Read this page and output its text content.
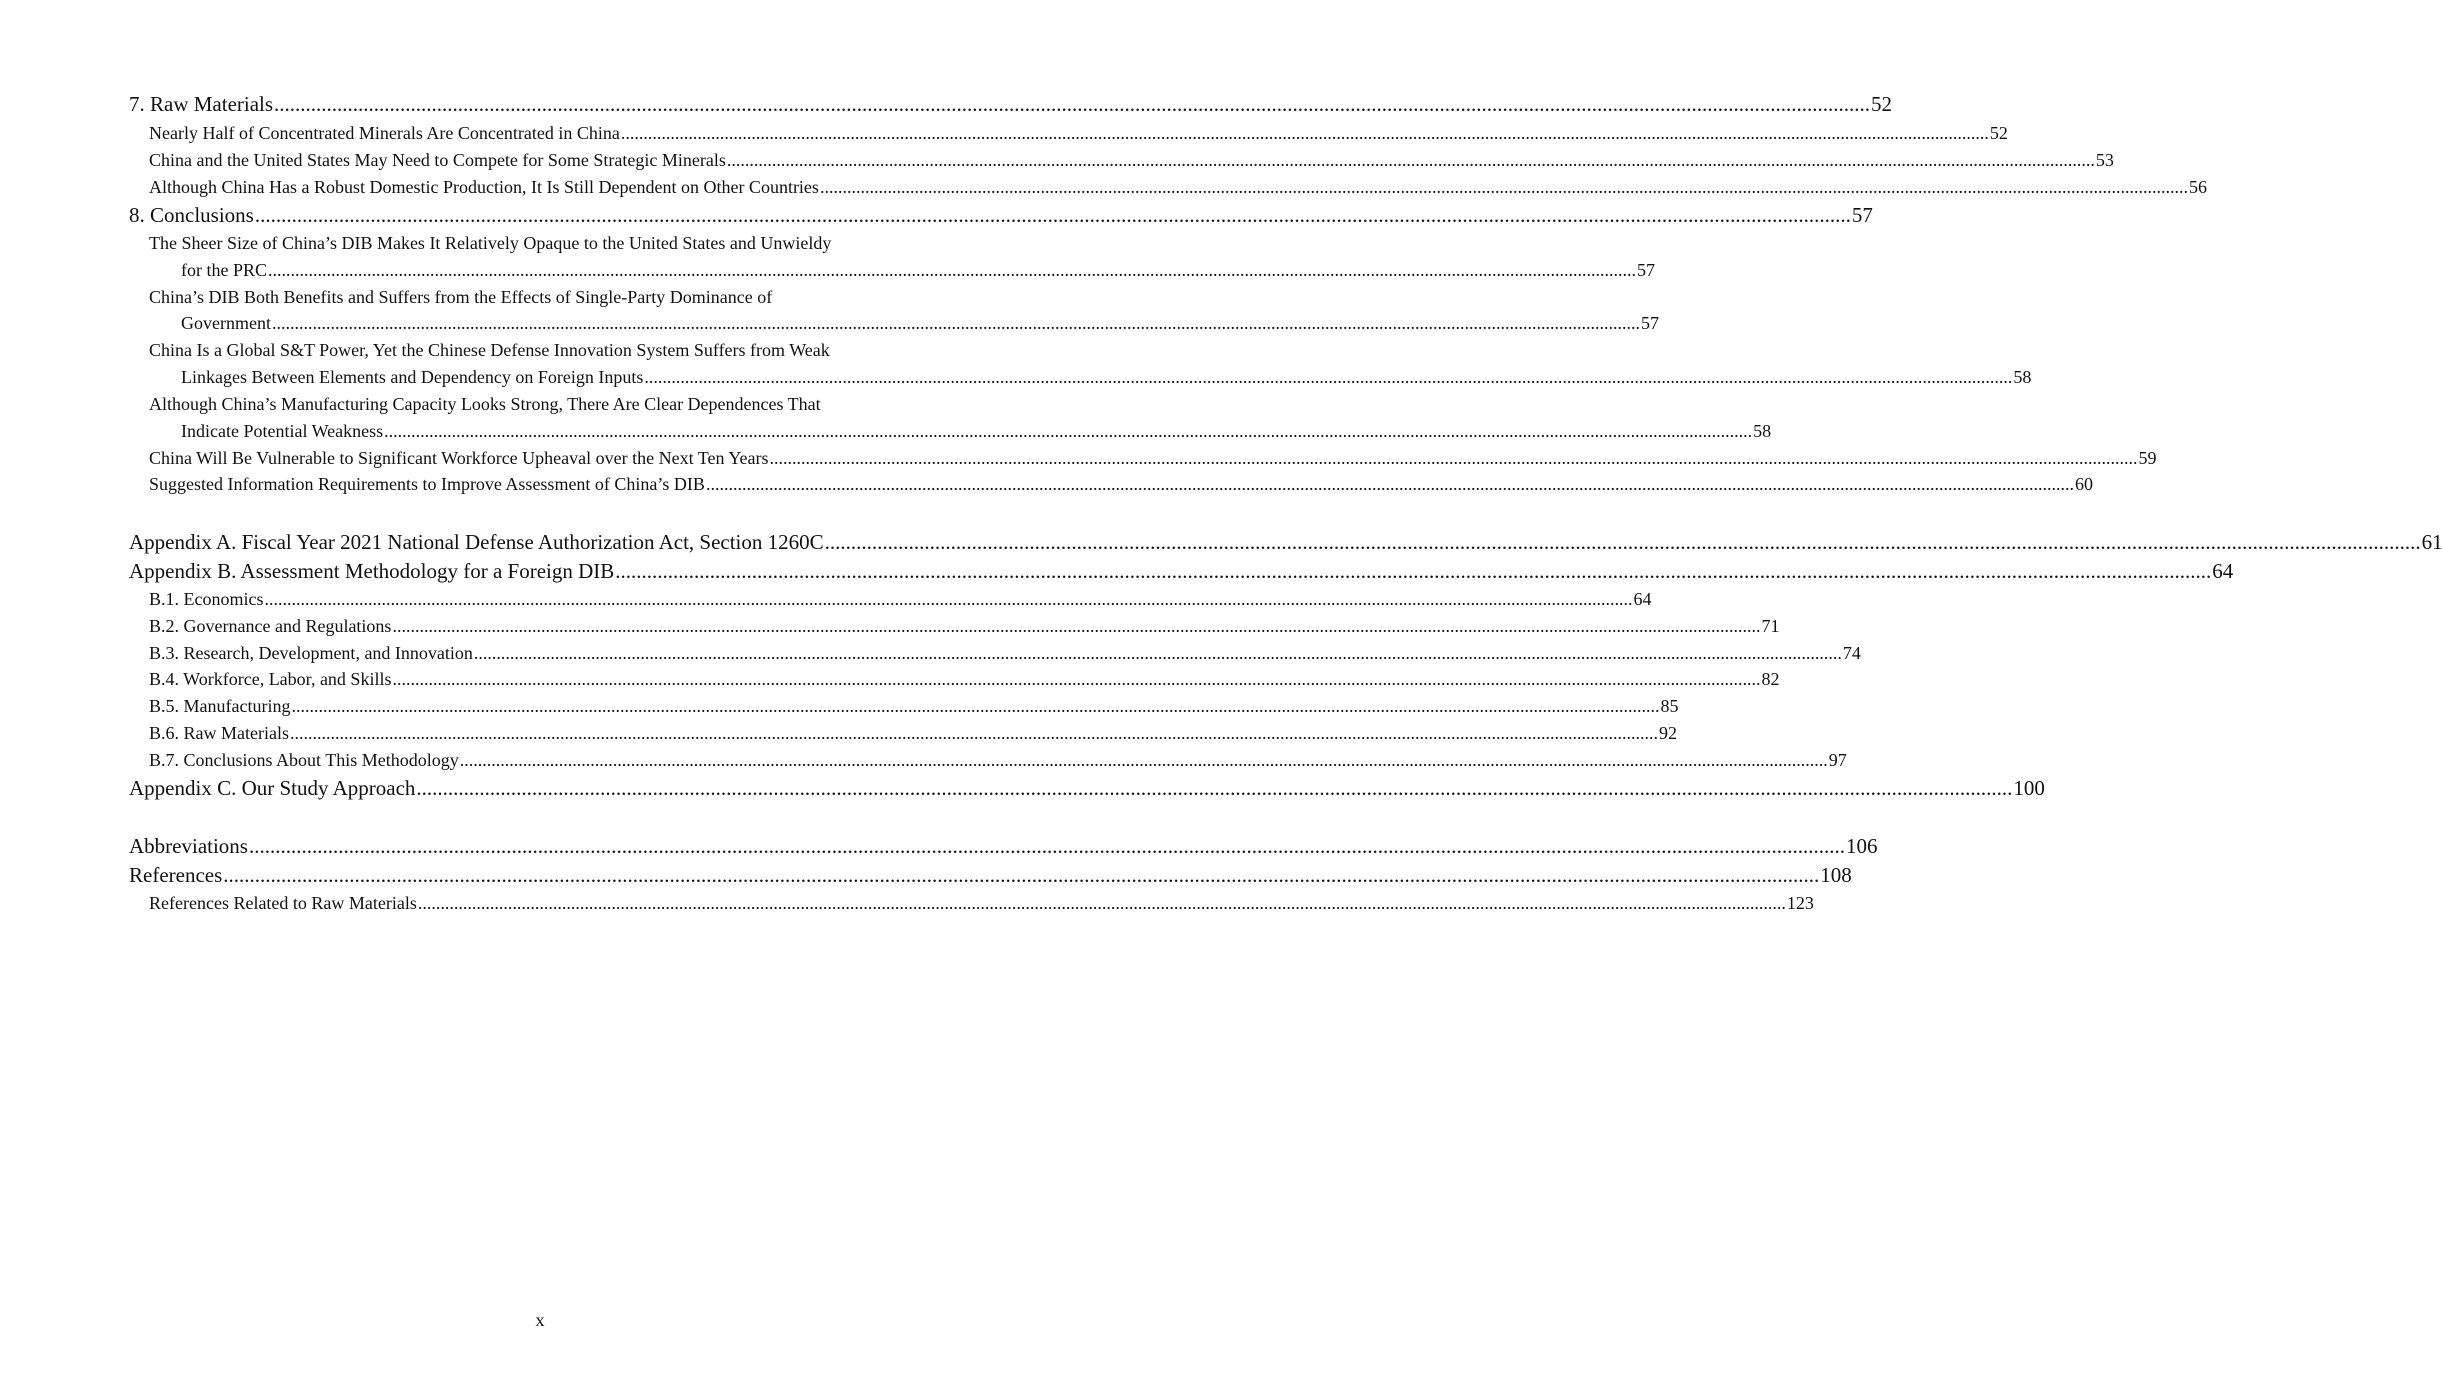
7. Raw Materials .....	52
Nearly Half of Concentrated Minerals Are Concentrated in China .....	52
China and the United States May Need to Compete for Some Strategic Minerals .....	53
Although China Has a Robust Domestic Production, It Is Still Dependent on Other Countries .....	56
8. Conclusions .....	57
The Sheer Size of China’s DIB Makes It Relatively Opaque to the United States and Unwieldy
for the PRC .....	57
China’s DIB Both Benefits and Suffers from the Effects of Single-Party Dominance of
Government .....	57
China Is a Global S&T Power, Yet the Chinese Defense Innovation System Suffers from Weak
Linkages Between Elements and Dependency on Foreign Inputs .....	58
Although China’s Manufacturing Capacity Looks Strong, There Are Clear Dependences That
Indicate Potential Weakness .....	58
China Will Be Vulnerable to Significant Workforce Upheaval over the Next Ten Years .....	59
Suggested Information Requirements to Improve Assessment of China’s DIB .....	60
Appendix A. Fiscal Year 2021 National Defense Authorization Act, Section 1260C .....	61
Appendix B. Assessment Methodology for a Foreign DIB .....	64
B.1. Economics .....	64
B.2. Governance and Regulations .....	71
B.3. Research, Development, and Innovation .....	74
B.4. Workforce, Labor, and Skills .....	82
B.5. Manufacturing .....	85
B.6. Raw Materials .....	92
B.7. Conclusions About This Methodology .....	97
Appendix C. Our Study Approach .....	100
Abbreviations .....	106
References .....	108
References Related to Raw Materials .....	123
x
